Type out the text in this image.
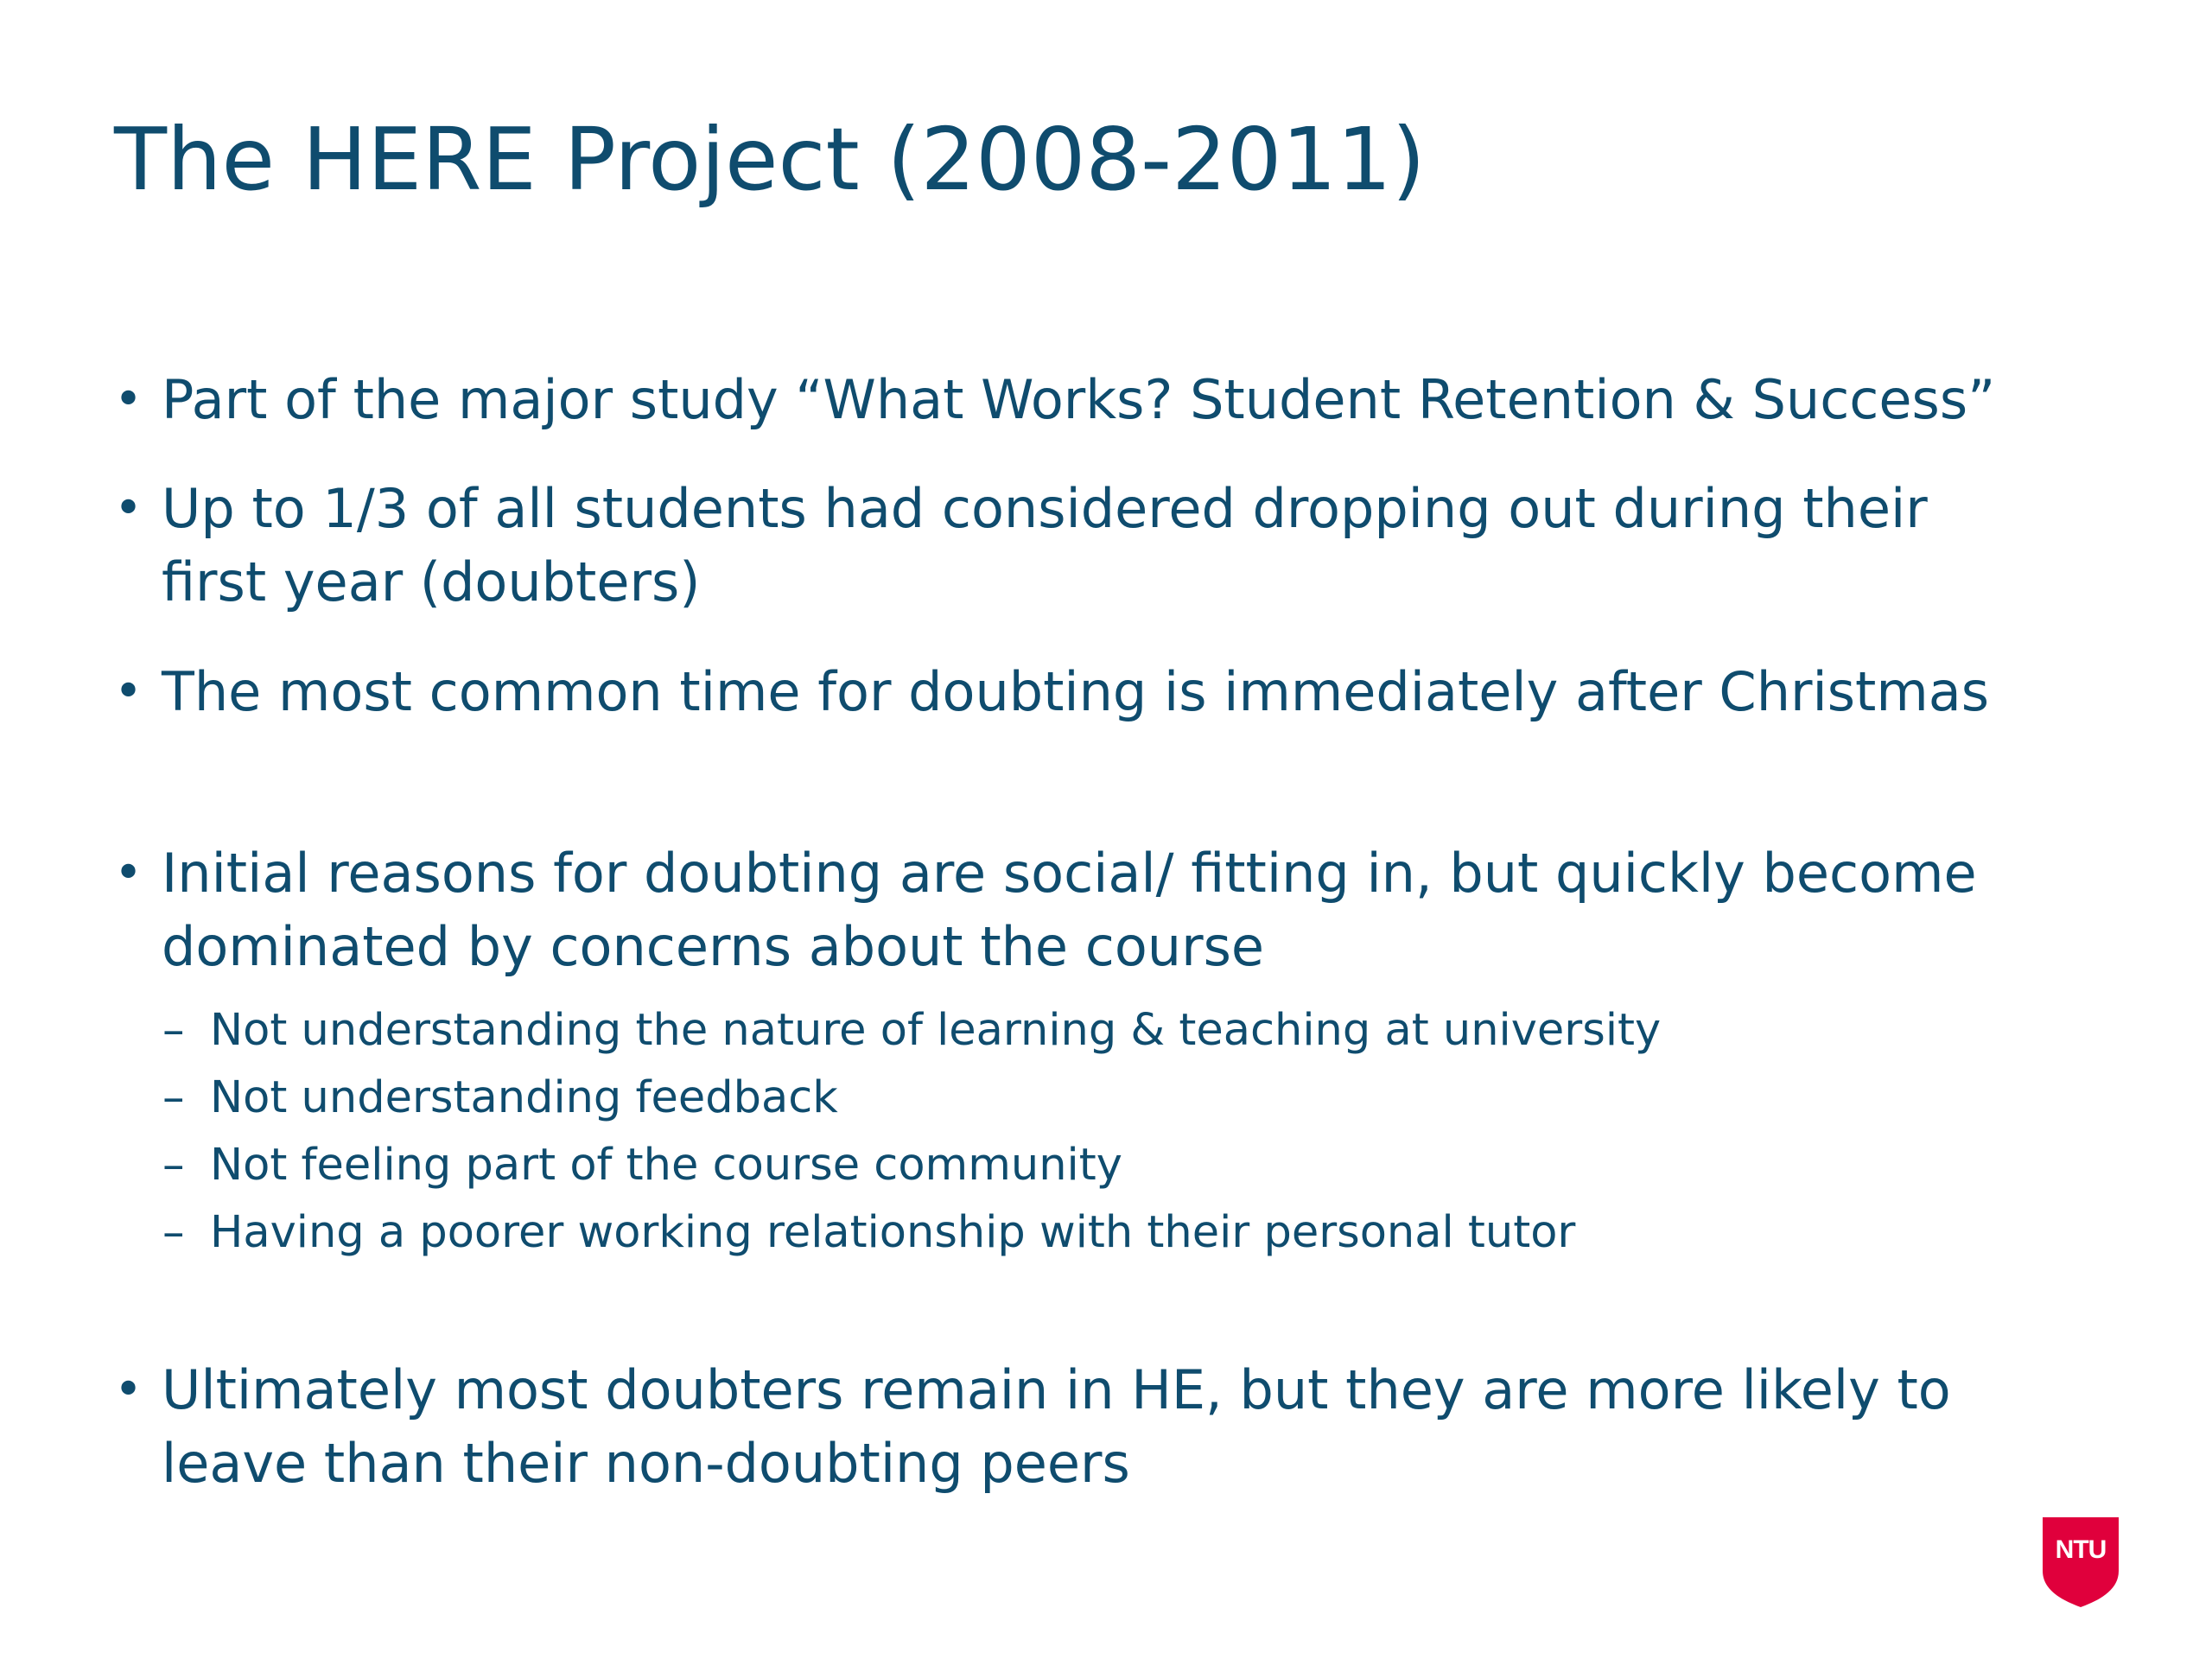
The HERE Project (2008-2011)
• Part of the major study “What Works? Student Retention & Success”
• Up to 1/3 of all students had considered dropping out during their
first year (doubters)
• The most common time for doubting is immediately after Christmas
• Initial reasons for doubting are social/ fitting in, but quickly become
dominated by concerns about the course
– Not understanding the nature of learning & teaching at university
– Not understanding feedback
– Not feeling part of the course community
– Having a poorer working relationship with their personal tutor
• Ultimately most doubters remain in HE, but they are more likely to
leave than their non-doubting peers
NTU
